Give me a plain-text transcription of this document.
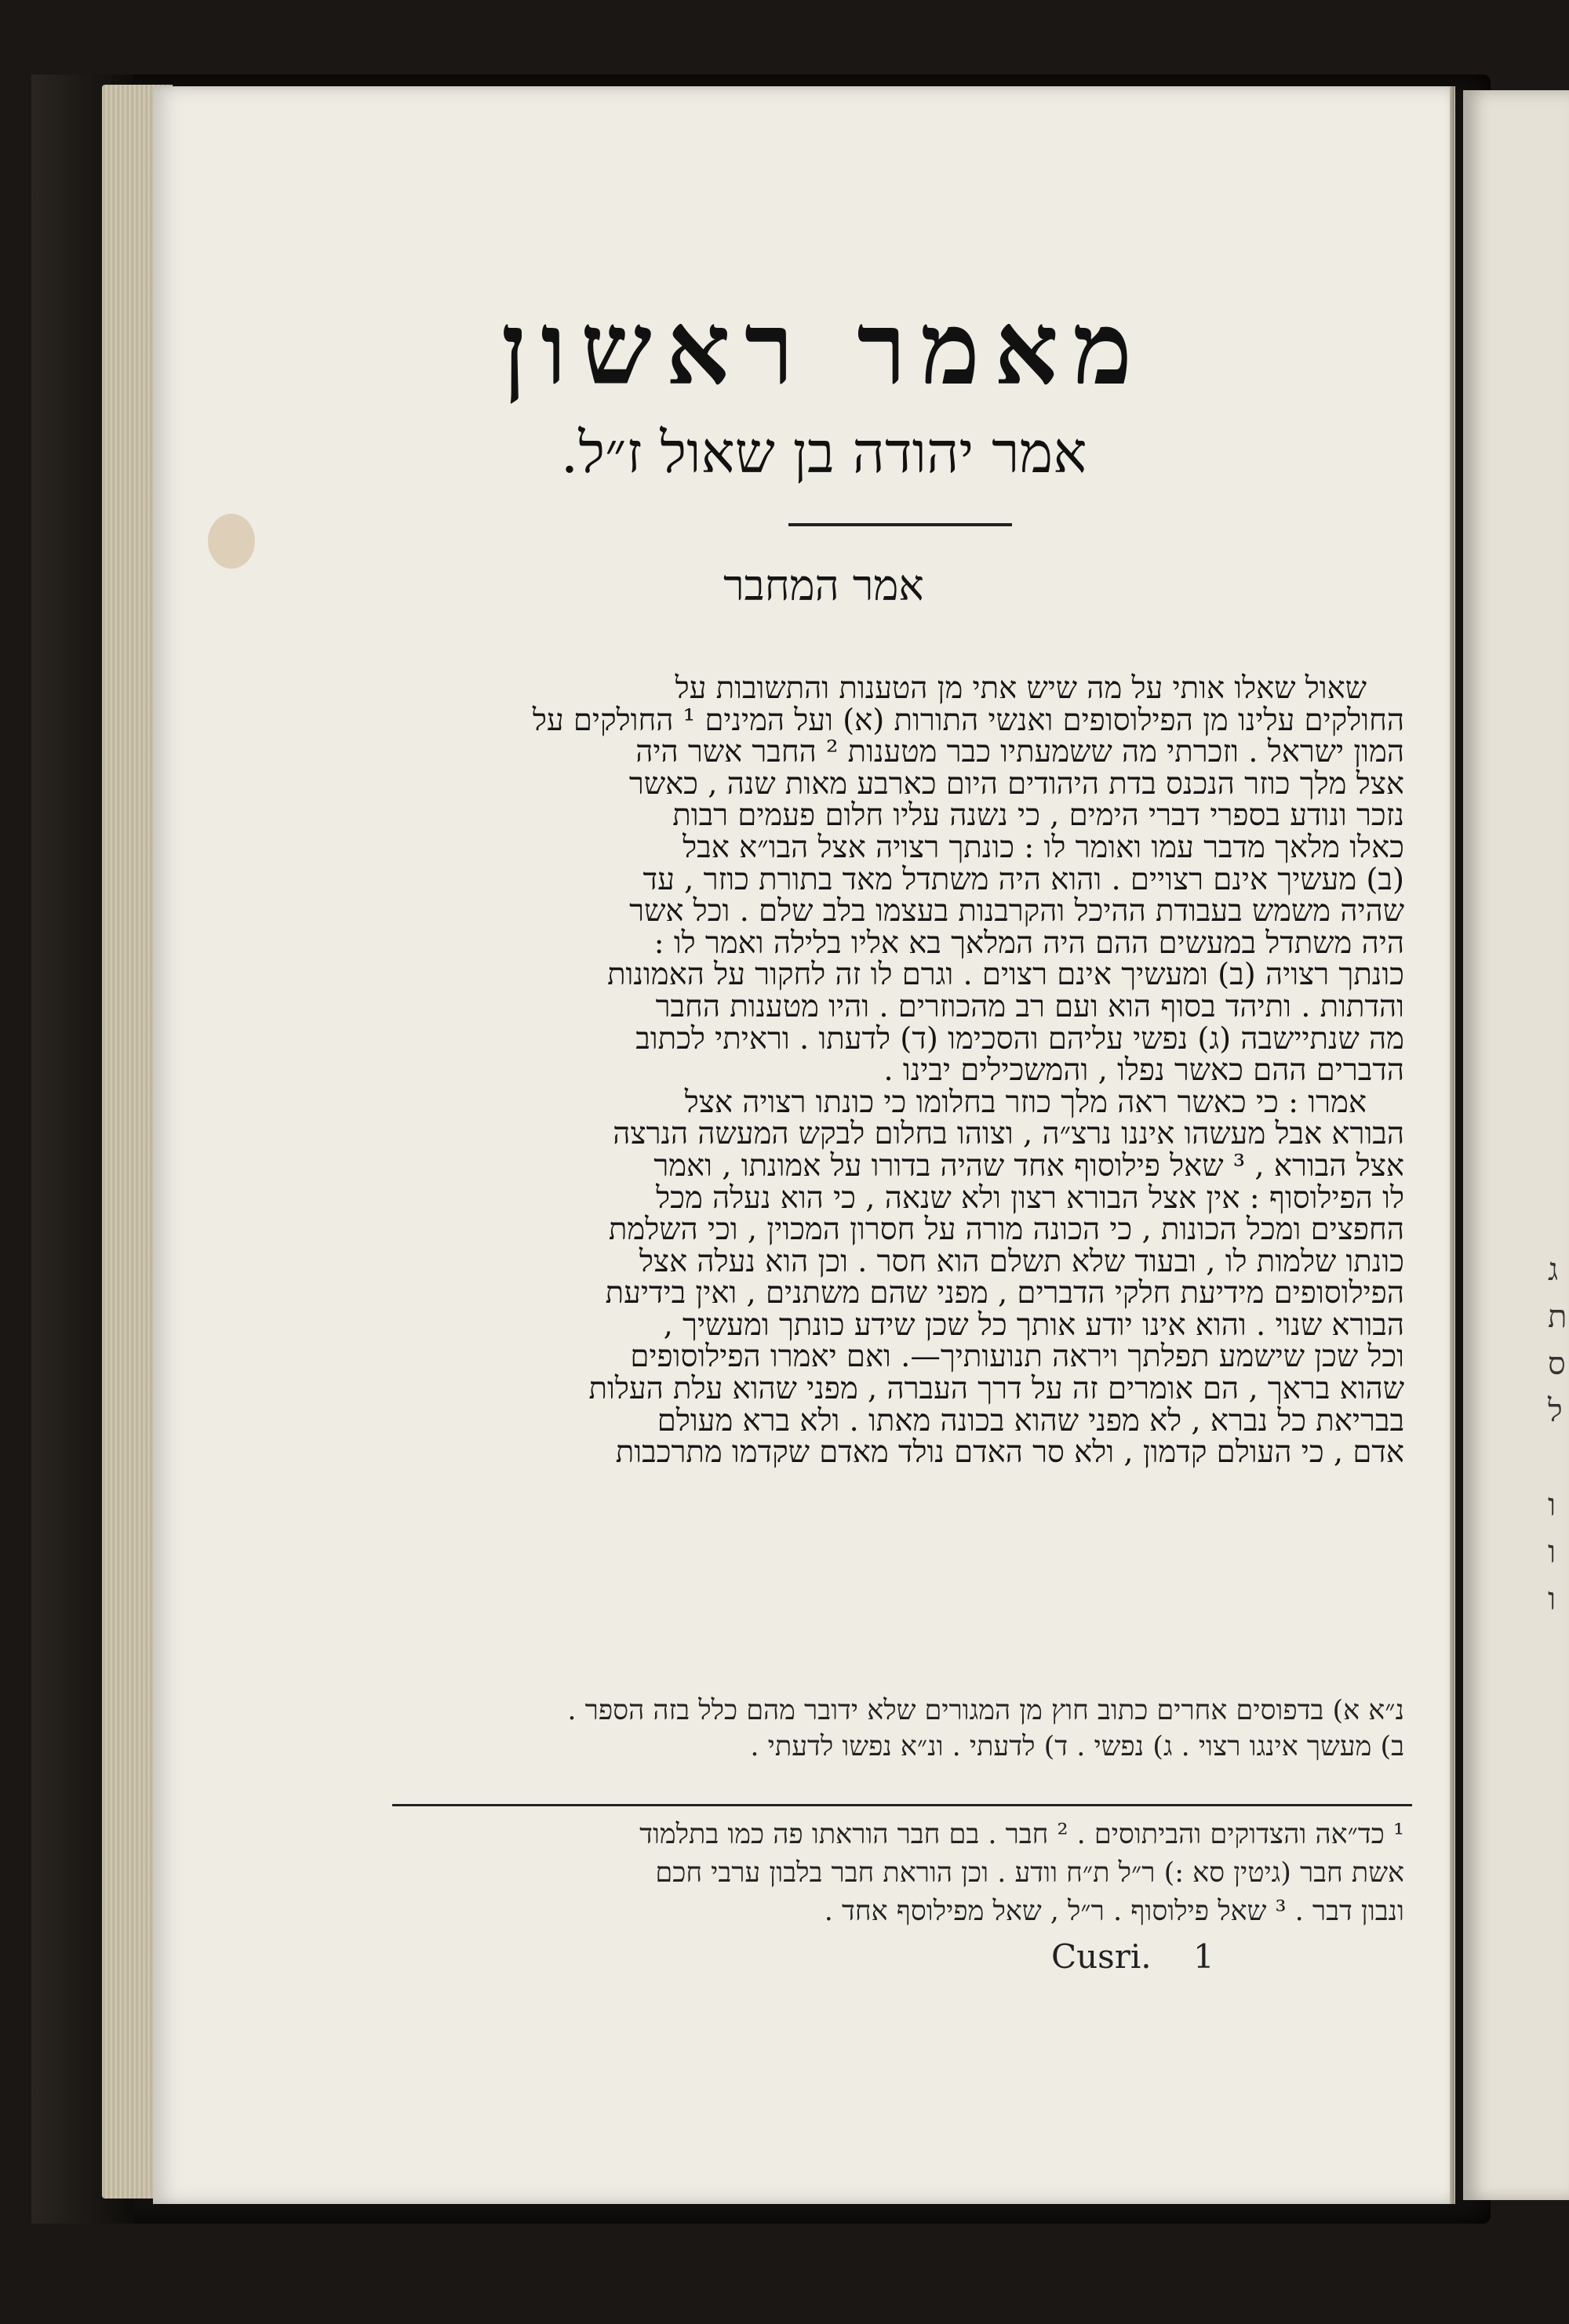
ג
ת
ס
ל
ו
ו
ו
מאמר ראשון
אמר יהודה בן שאול ז״ל.
אמר המחבר
שאול שאלו אותי על מה שיש אתי מן הטענות והתשובות על
החולקים עלינו מן הפילוסופים ואנשי התורות (א) ועל המינים ¹ החולקים על
המון ישראל . וזכרתי מה ששמעתיו כבר מטענות ² החבר אשר היה
אצל מלך כוזר הנכנס בדת היהודים היום כארבע מאות שנה , כאשר
נזכר ונודע בספרי דברי הימים , כי נשנה עליו חלום פעמים רבות
כאלו מלאך מדבר עמו ואומר לו : כונתך רצויה אצל הבו״א אבל
(ב) מעשיך אינם רצויים . והוא היה משתדל מאד בתורת כוזר , עד
שהיה משמש בעבודת ההיכל והקרבנות בעצמו בלב שלם . וכל אשר
היה משתדל במעשים ההם היה המלאך בא אליו בלילה ואמר לו :
כונתך רצויה (ב) ומעשיך אינם רצוים . וגרם לו זה לחקור על האמונות
והדתות . ותיהד בסוף הוא ועם רב מהכוזרים . והיו מטענות החבר
מה שנתיישבה (ג) נפשי עליהם והסכימו (ד) לדעתו . וראיתי לכתוב
הדברים ההם כאשר נפלו , והמשכילים יבינו .
אמרו : כי כאשר ראה מלך כוזר בחלומו כי כונתו רצויה אצל
הבורא אבל מעשהו איננו נרצ״ה , וצוהו בחלום לבקש המעשה הנרצה
אצל הבורא , ³ שאל פילוסוף אחד שהיה בדורו על אמונתו , ואמר
לו הפילוסוף : אין אצל הבורא רצון ולא שנאה , כי הוא נעלה מכל
החפצים ומכל הכונות , כי הכונה מורה על חסרון המכוין , וכי השלמת
כונתו שלמות לו , ובעוד שלא תשלם הוא חסר . וכן הוא נעלה אצל
הפילוסופים מידיעת חלקי הדברים , מפני שהם משתנים , ואין בידיעת
הבורא שנוי . והוא אינו יודע אותך כל שכן שידע כונתך ומעשיך ,
וכל שכן שישמע תפלתך ויראה תנועותיך—. ואם יאמרו הפילוסופים
שהוא בראך , הם אומרים זה על דרך העברה , מפני שהוא עלת העלות
בבריאת כל נברא , לא מפני שהוא בכונה מאתו . ולא ברא מעולם
אדם , כי העולם קדמון , ולא סר האדם נולד מאדם שקדמו מתרכבות
נ״א א) בדפוסים אחרים כתוב חוץ מן המגורים שלא ידובר מהם כלל בזה הספר .
ב) מעשך אינגו רצוי . ג) נפשי . ד) לדעתי . ונ״א נפשו לדעתי .
¹ כד״אה והצדוקים והביתוסים . ² חבר . בם חבר הוראתו פה כמו בתלמוד
אשת חבר (גיטין סא :) ר״ל ת״ח וודע . וכן הוראת חבר בלבון ערבי חכם
ונבון דבר . ³ שאל פילוסוף . ר״ל , שאל מפילוסף אחד .
Cusri. 1
